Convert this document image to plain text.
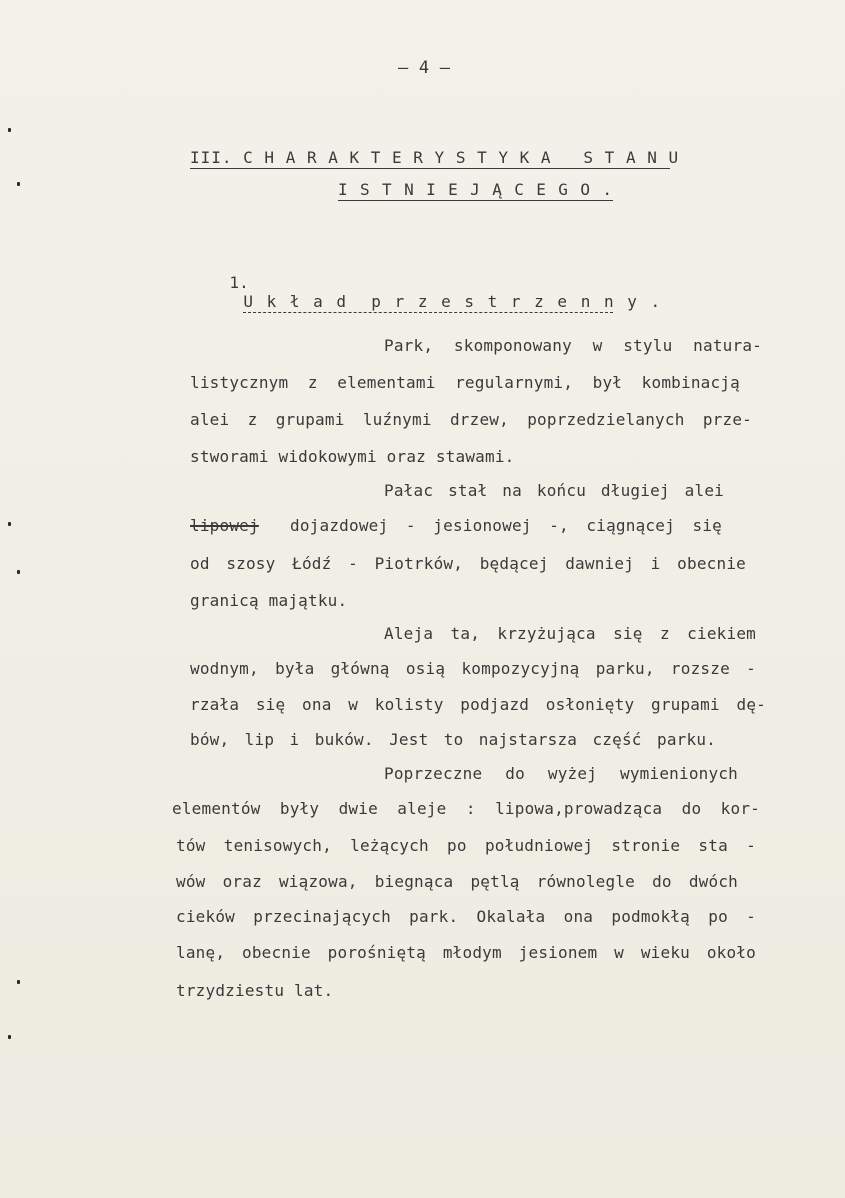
— 4 —
III. C H A R A K T E R Y S T Y K A   S T A N U
I S T N I E J Ą C E G O .

1.
U k ł a d  p r z e s t r z e n n y .

Park, skomponowany w stylu natura-
listycznym z elementami regularnymi, był kombinacją
alei z grupami luźnymi drzew, poprzedzielanych prze-
stworami widokowymi oraz stawami.
Pałac stał na końcu długiej alei
lipowej dojazdowej - jesionowej -, ciągnącej się
od szosy Łódź - Piotrków, będącej dawniej i obecnie
granicą majątku.
Aleja ta, krzyżująca się z ciekiem
wodnym, była główną osią kompozycyjną parku, rozsze -
rzała się ona w kolisty podjazd osłonięty grupami dę-
bów, lip i buków. Jest to najstarsza część parku.
Poprzeczne do wyżej wymienionych
elementów były dwie aleje : lipowa,prowadząca do kor-
tów tenisowych, leżących po południowej stronie sta -
wów oraz wiązowa, biegnąca pętlą równolegle do dwóch
cieków przecinających park. Okalała ona podmokłą po -
lanę, obecnie porośniętą młodym jesionem w wieku około
trzydziestu lat.
